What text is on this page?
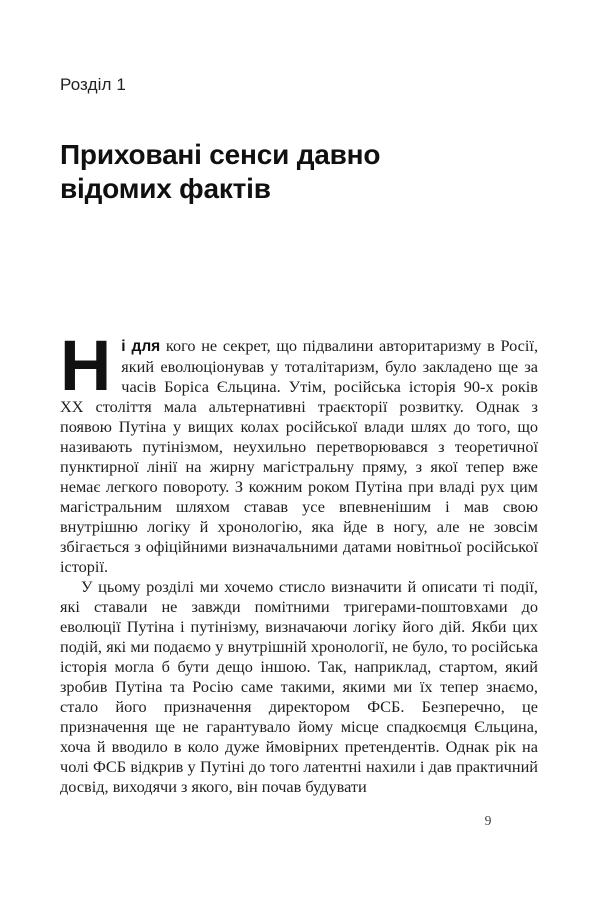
Розділ 1
Приховані сенси давно відомих фактів

Ні для кого не секрет, що підвалини авторитаризму в Росії, який еволюціонував у тоталітаризм, було закладено ще за часів Боріса Єльцина. Утім, російська історія 90-х років ХХ століття мала альтернативні траєкторії розвитку. Однак з появою Путіна у вищих колах російської влади шлях до того, що називають путінізмом, неухильно перетворювався з теоретичної пунктирної лінії на жирну магістральну пряму, з якої тепер вже немає легкого повороту. З кожним роком Путіна при владі рух цим магістральним шляхом ставав усе впевненішим і мав свою внутрішню логіку й хронологію, яка йде в ногу, але не зовсім збігається з офіційними визначальними датами новітньої російської історії.

У цьому розділі ми хочемо стисло визначити й описати ті події, які ставали не завжди помітними тригерами-поштовхами до еволюції Путіна і путінізму, визначаючи логіку його дій. Якби цих подій, які ми подаємо у внутрішній хронології, не було, то російська історія могла б бути дещо іншою. Так, наприклад, стартом, який зробив Путіна та Росію саме такими, якими ми їх тепер знаємо, стало його призначення директором ФСБ. Безперечно, це призначення ще не гарантувало йому місце спадкоємця Єльцина, хоча й вводило в коло дуже ймовірних претендентів. Однак рік на чолі ФСБ відкрив у Путіні до того латентні нахили і дав практичний досвід, виходячи з якого, він почав будувати

9
